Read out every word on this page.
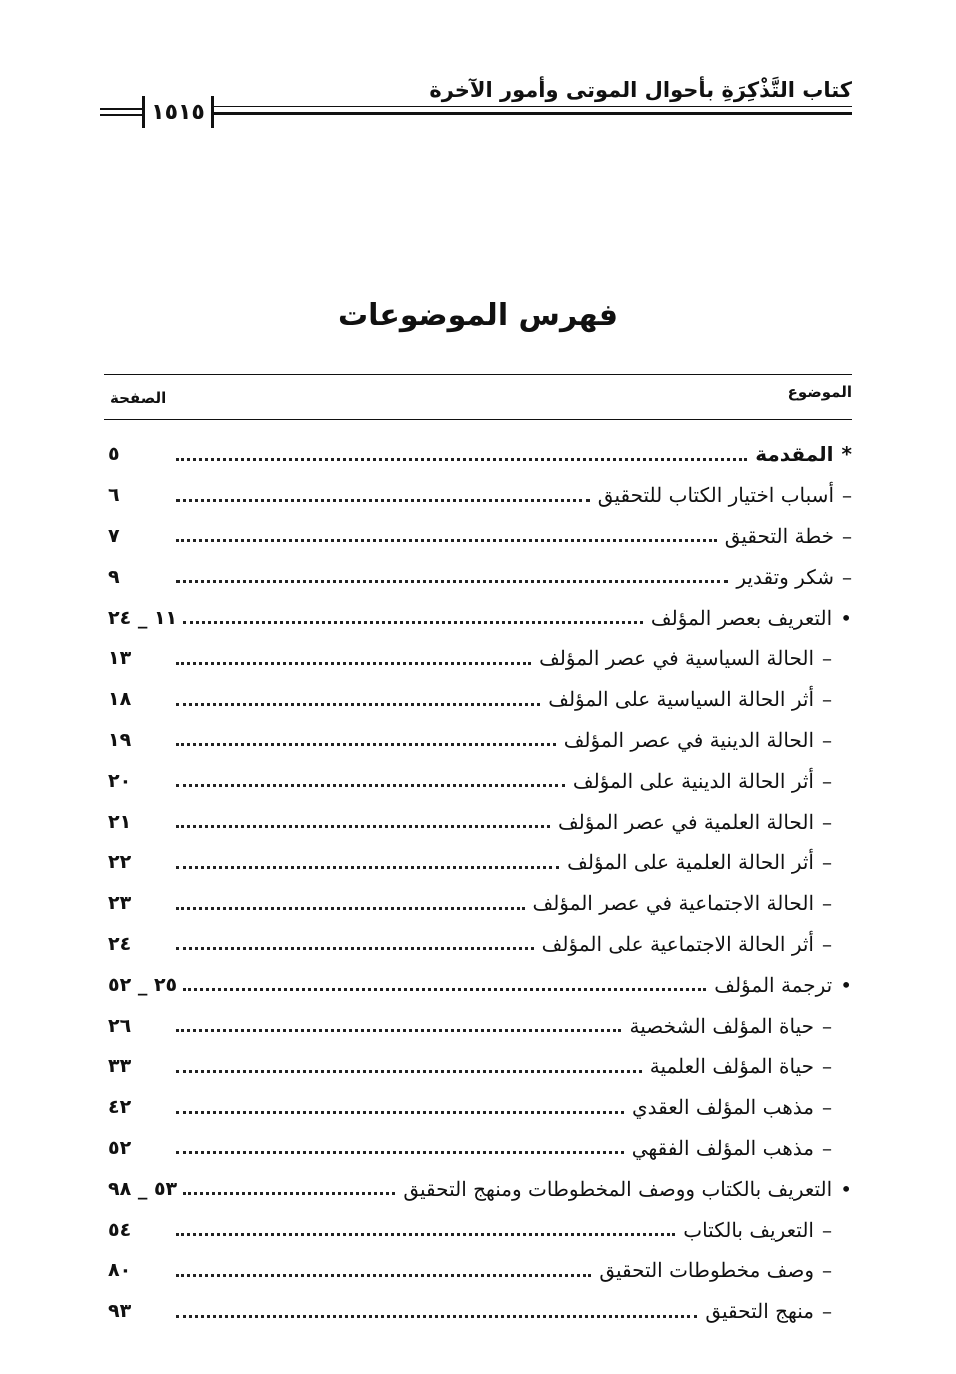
كتاب التَّذْكِرَةِ بأحوال الموتى وأمور الآخرة
١٥١٥
فهرس الموضوعات
الموضوع
الصفحة
*المقدمة
٥
–أسباب اختيار الكتاب للتحقيق
٦
–خطة التحقيق
٧
–شكر وتقدير
٩
•التعريف بعصر المؤلف
١١ _ ٢٤
–الحالة السياسية في عصر المؤلف
١٣
–أثر الحالة السياسية على المؤلف
١٨
–الحالة الدينية في عصر المؤلف
١٩
–أثر الحالة الدينية على المؤلف
٢٠
–الحالة العلمية في عصر المؤلف
٢١
–أثر الحالة العلمية على المؤلف
٢٢
–الحالة الاجتماعية في عصر المؤلف
٢٣
–أثر الحالة الاجتماعية على المؤلف
٢٤
•ترجمة المؤلف
٢٥ _ ٥٢
–حياة المؤلف الشخصية
٢٦
–حياة المؤلف العلمية
٣٣
–مذهب المؤلف العقدي
٤٢
–مذهب المؤلف الفقهي
٥٢
•التعريف بالكتاب ووصف المخطوطات ومنهج التحقيق
٥٣ _ ٩٨
–التعريف بالكتاب
٥٤
–وصف مخطوطات التحقيق
٨٠
–منهج التحقيق
٩٣
